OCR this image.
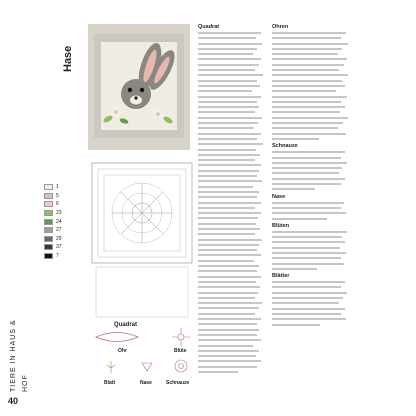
Hase
1
5
6
23
24
27
29
37
7
TIERE IN HAUS & HOF
40
Quadrat
Ohr	Blüte
Blatt	Nase	Schnauze
Quadrat	Ohren
Schnauze
Nase
Blüten
Blätter
